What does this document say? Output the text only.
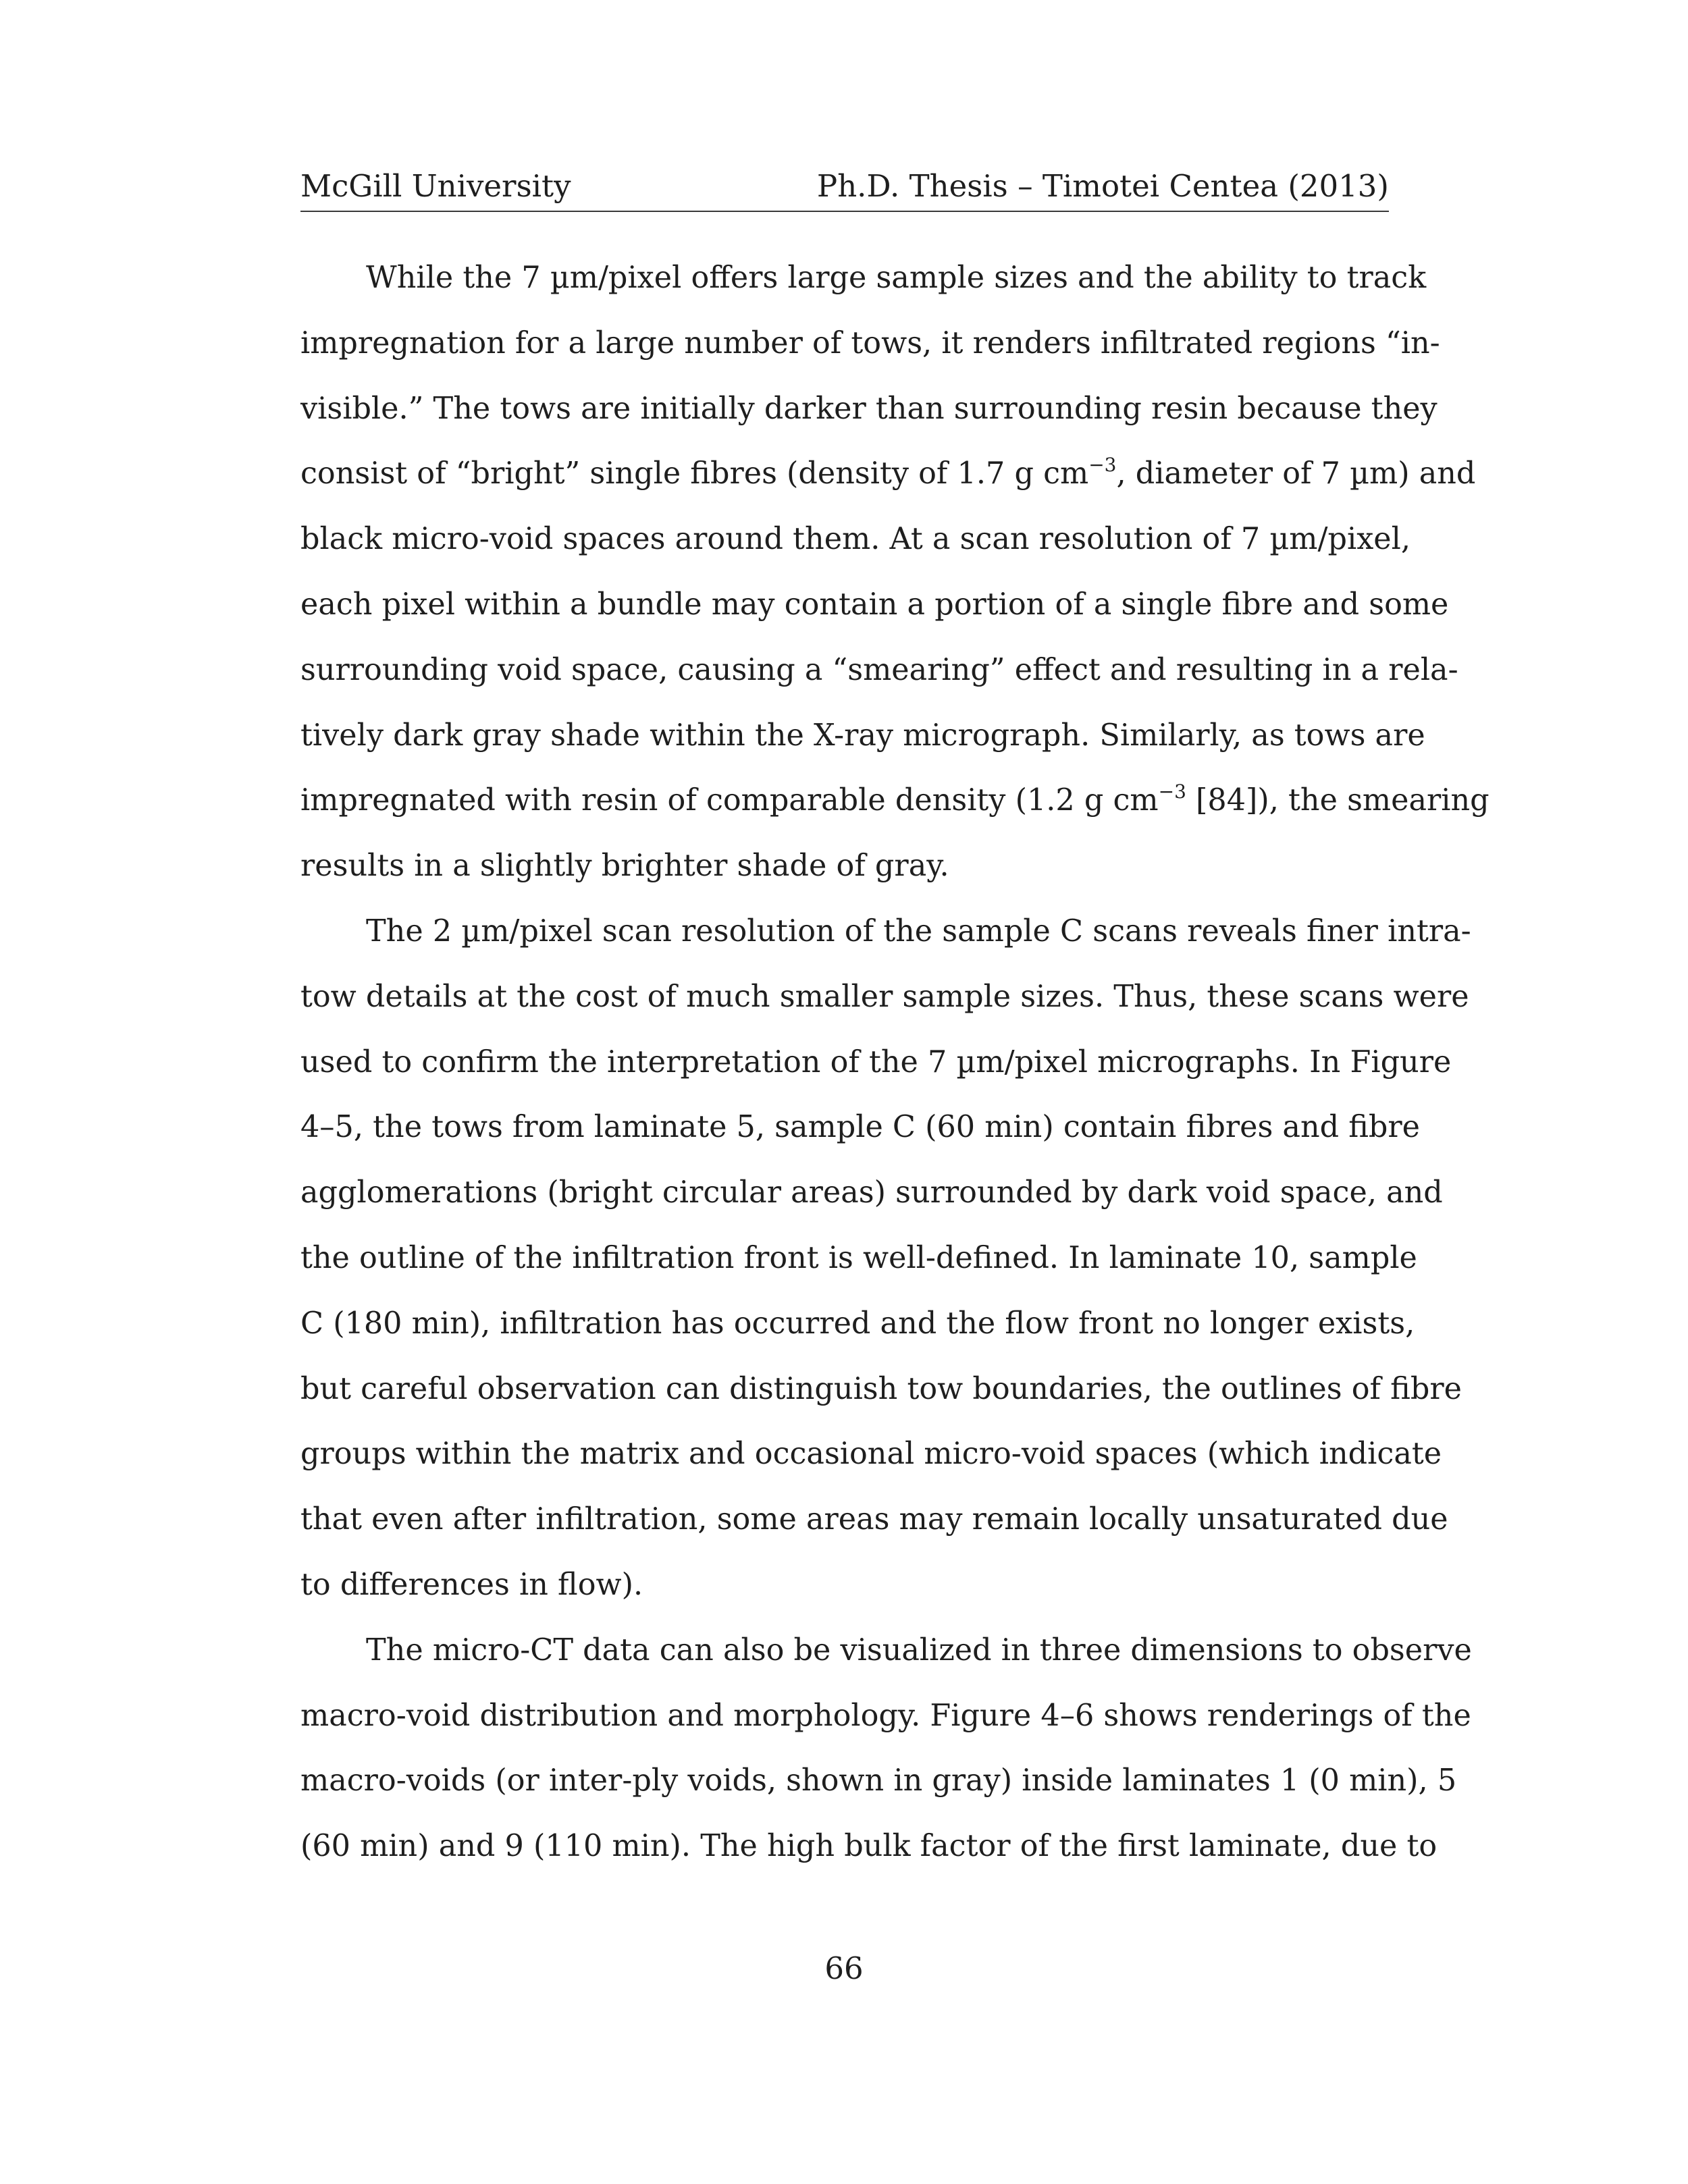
McGill University	Ph.D. Thesis – Timotei Centea (2013)
While the 7 µm/pixel offers large sample sizes and the ability to track
impregnation for a large number of tows, it renders infiltrated regions “in-
visible.” The tows are initially darker than surrounding resin because they
consist of “bright” single fibres (density of 1.7 g $cm^{-3}$, diameter of 7 µm) and
black micro-void spaces around them. At a scan resolution of 7 µm/pixel,
each pixel within a bundle may contain a portion of a single fibre and some
surrounding void space, causing a “smearing” effect and resulting in a rela-
tively dark gray shade within the X-ray micrograph. Similarly, as tows are
impregnated with resin of comparable density (1.2 g $cm^{-3}$ [84]), the smearing
results in a slightly brighter shade of gray.
The 2 µm/pixel scan resolution of the sample C scans reveals finer intra-
tow details at the cost of much smaller sample sizes. Thus, these scans were
used to confirm the interpretation of the 7 µm/pixel micrographs. In Figure
4–5, the tows from laminate 5, sample C (60 min) contain fibres and fibre
agglomerations (bright circular areas) surrounded by dark void space, and
the outline of the infiltration front is well-defined. In laminate 10, sample
C (180 min), infiltration has occurred and the flow front no longer exists,
but careful observation can distinguish tow boundaries, the outlines of fibre
groups within the matrix and occasional micro-void spaces (which indicate
that even after infiltration, some areas may remain locally unsaturated due
to differences in flow).
The micro-CT data can also be visualized in three dimensions to observe
macro-void distribution and morphology. Figure 4–6 shows renderings of the
macro-voids (or inter-ply voids, shown in gray) inside laminates 1 (0 min), 5
(60 min) and 9 (110 min). The high bulk factor of the first laminate, due to
66
